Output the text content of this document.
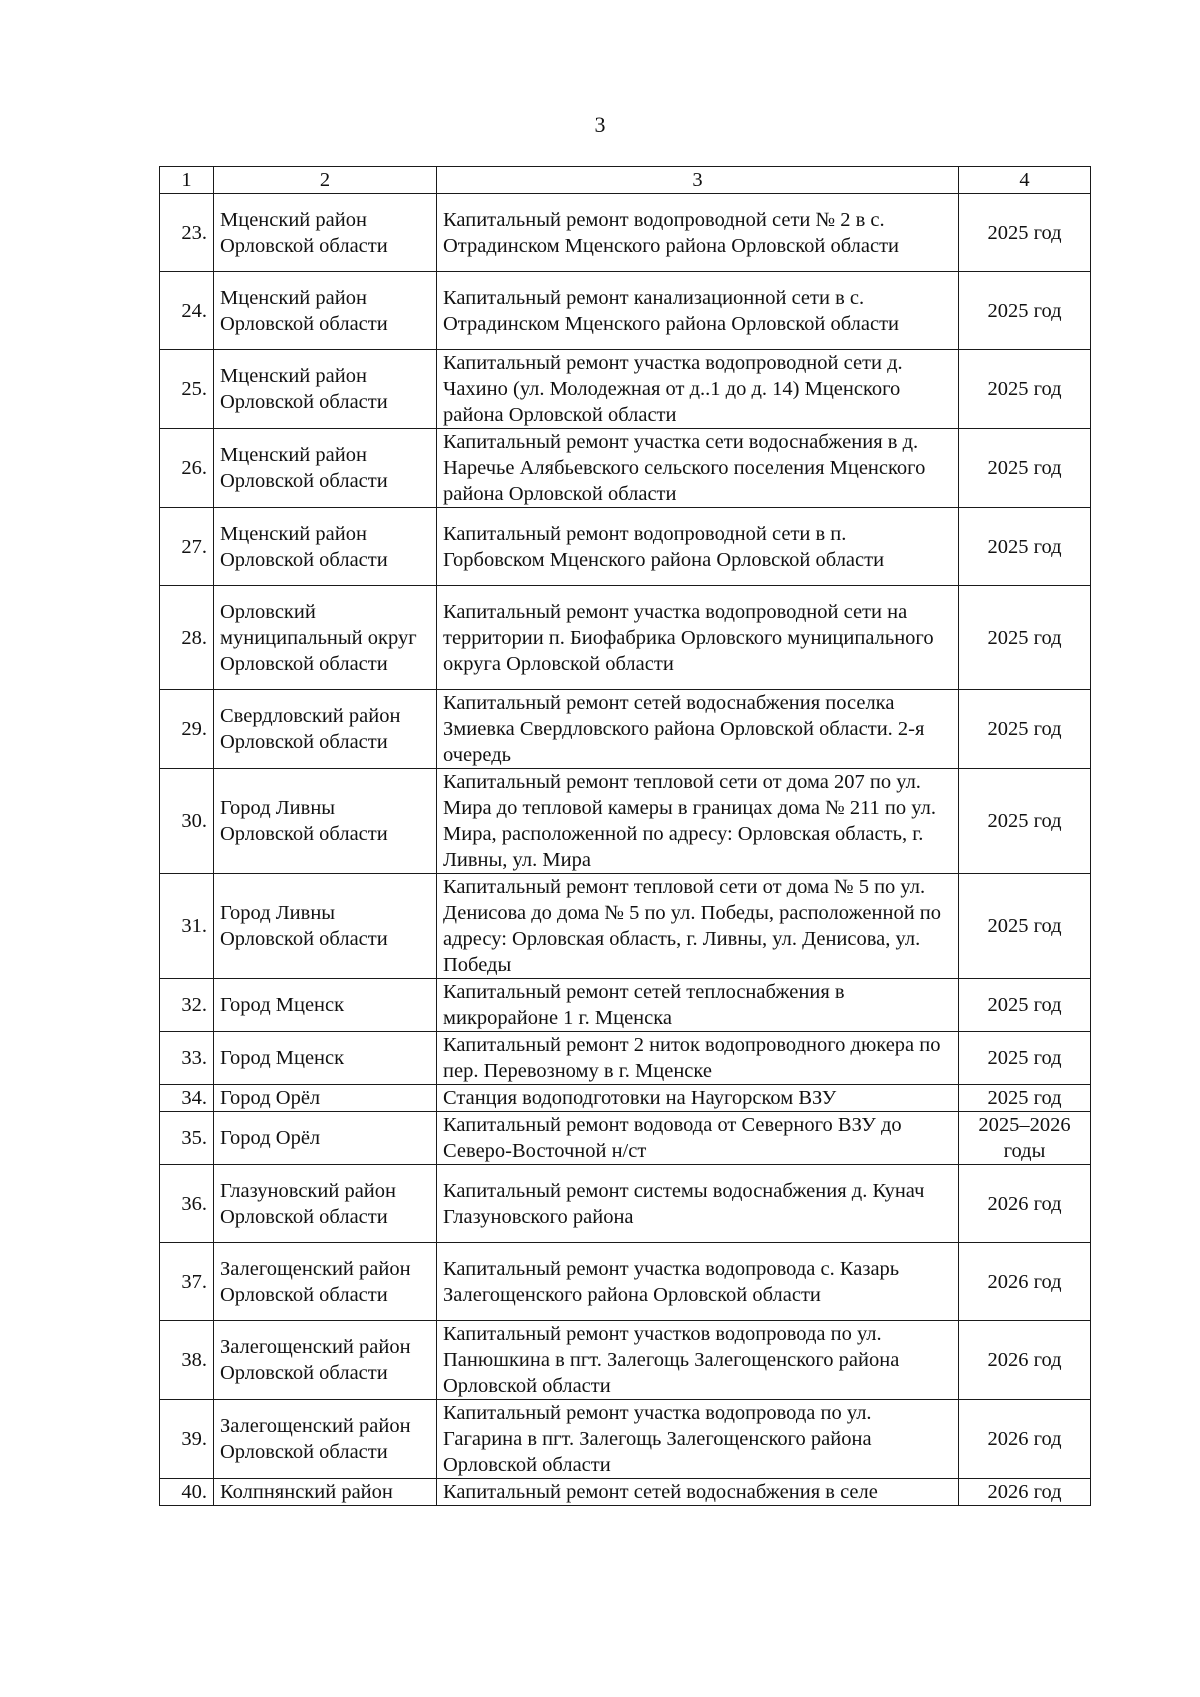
3
1	2	3	4
23.	Мценский район Орловской области	Капитальный ремонт водопроводной сети № 2 в с. Отрадинском Мценского района Орловской области	2025 год
24.	Мценский район Орловской области	Капитальный ремонт канализационной сети в с. Отрадинском Мценского района Орловской области	2025 год
25.	Мценский район Орловской области	Капитальный ремонт участка водопроводной сети д. Чахино (ул. Молодежная от д..1 до д. 14) Мценского района Орловской области	2025 год
26.	Мценский район Орловской области	Капитальный ремонт участка сети водоснабжения в д. Наречье Алябьевского сельского поселения Мценского района Орловской области	2025 год
27.	Мценский район Орловской области	Капитальный ремонт водопроводной сети в п. Горбовском Мценского района Орловской области	2025 год
28.	Орловский муниципальный округ Орловской области	Капитальный ремонт участка водопроводной сети на территории п. Биофабрика Орловского муниципального округа Орловской области	2025 год
29.	Свердловский район Орловской области	Капитальный ремонт сетей водоснабжения поселка Змиевка Свердловского района Орловской области. 2-я очередь	2025 год
30.	Город Ливны Орловской области	Капитальный ремонт тепловой сети от дома 207 по ул. Мира до тепловой камеры в границах дома № 211 по ул. Мира, расположенной по адресу: Орловская область, г. Ливны, ул. Мира	2025 год
31.	Город Ливны Орловской области	Капитальный ремонт тепловой сети от дома № 5 по ул. Денисова до дома № 5 по ул. Победы, расположенной по адресу: Орловская область, г. Ливны, ул. Денисова, ул. Победы	2025 год
32.	Город Мценск	Капитальный ремонт сетей теплоснабжения в микрорайоне 1 г. Мценска	2025 год
33.	Город Мценск	Капитальный ремонт 2 ниток водопроводного дюкера по пер. Перевозному в г. Мценске	2025 год
34.	Город Орёл	Станция водоподготовки на Наугорском ВЗУ	2025 год
35.	Город Орёл	Капитальный ремонт водовода от Северного ВЗУ до Северо-Восточной н/ст	2025–2026 годы
36.	Глазуновский район Орловской области	Капитальный ремонт системы водоснабжения д. Кунач Глазуновского района	2026 год
37.	Залегощенский район Орловской области	Капитальный ремонт участка водопровода с. Казарь Залегощенского района Орловской области	2026 год
38.	Залегощенский район Орловской области	Капитальный ремонт участков водопровода по ул. Панюшкина в пгт. Залегощь Залегощенского района Орловской области	2026 год
39.	Залегощенский район Орловской области	Капитальный ремонт участка водопровода по ул. Гагарина в пгт. Залегощь Залегощенского района Орловской области	2026 год
40.	Колпнянский район	Капитальный ремонт сетей водоснабжения в селе	2026 год
